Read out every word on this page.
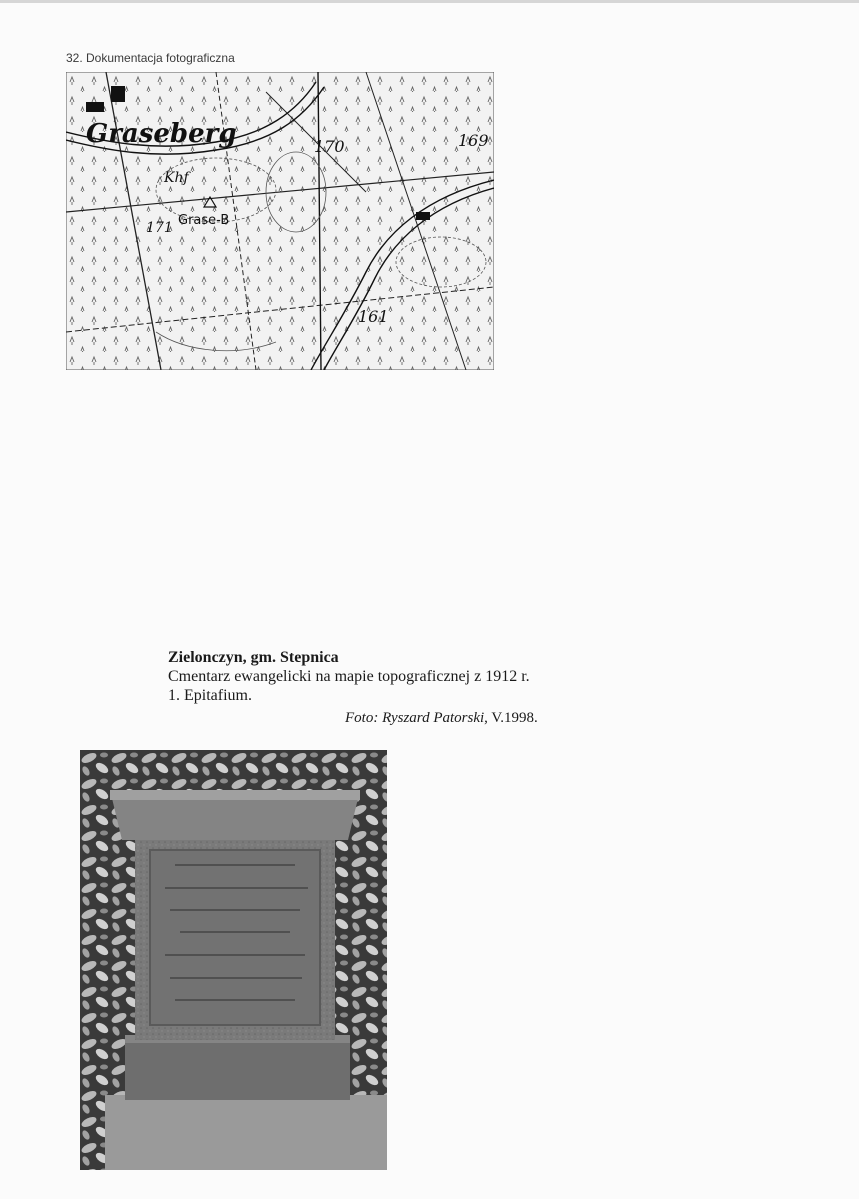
32. Dokumentacja fotograficzna
Graseberg
Khf
Grase-B
171
170	169
161
Zielonczyn, gm. Stepnica
Cmentarz ewangelicki na mapie topograficznej z 1912 r.
1. Epitafium.
Foto: Ryszard Patorski, V.1998.
